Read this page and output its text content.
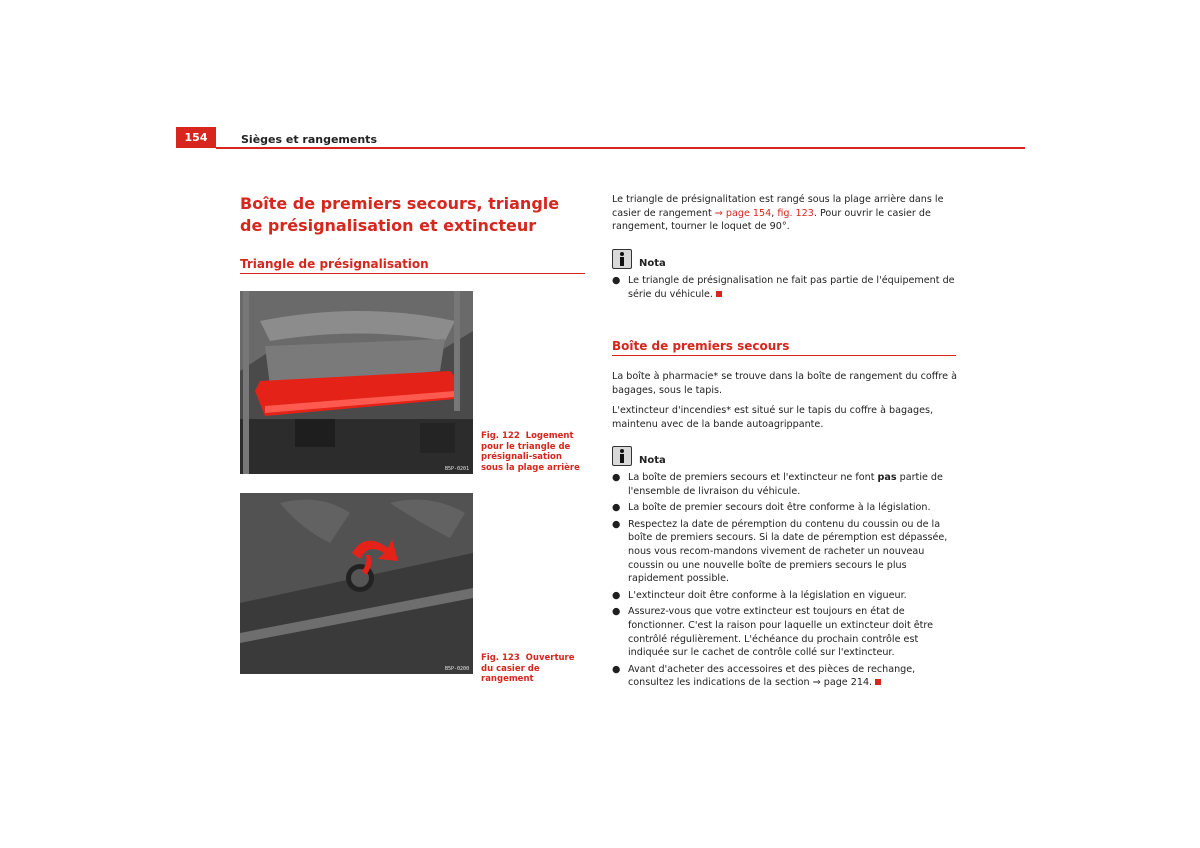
154	Sièges et rangements
Boîte de premiers secours, triangle de présignalisation et extincteur
Triangle de présignalisation
B5P-0201
Fig. 122 Logement pour le triangle de présignali-sation sous la plage arrière
B5P-0200
Fig. 123 Ouverture du casier de rangement
Le triangle de présignalitation est rangé sous la plage arrière dans le casier de rangement ⇒ page 154, fig. 123. Pour ouvrir le casier de rangement, tourner le loquet de 90°.
Nota
● Le triangle de présignalisation ne fait pas partie de l'équipement de série du véhicule.
Boîte de premiers secours
La boîte à pharmacie* se trouve dans la boîte de rangement du coffre à bagages, sous le tapis.
L'extincteur d'incendies* est situé sur le tapis du coffre à bagages, maintenu avec de la bande autoagrippante.
Nota
● La boîte de premiers secours et l'extincteur ne font pas partie de l'ensemble de livraison du véhicule.
● La boîte de premier secours doit être conforme à la législation.
● Respectez la date de péremption du contenu du coussin ou de la boîte de premiers secours. Si la date de péremption est dépassée, nous vous recom-mandons vivement de racheter un nouveau coussin ou une nouvelle boîte de premiers secours le plus rapidement possible.
● L'extincteur doit être conforme à la législation en vigueur.
● Assurez-vous que votre extincteur est toujours en état de fonctionner. C'est la raison pour laquelle un extincteur doit être contrôlé régulièrement. L'échéance du prochain contrôle est indiquée sur le cachet de contrôle collé sur l'extincteur.
● Avant d'acheter des accessoires et des pièces de rechange, consultez les indications de la section ⇒ page 214.
